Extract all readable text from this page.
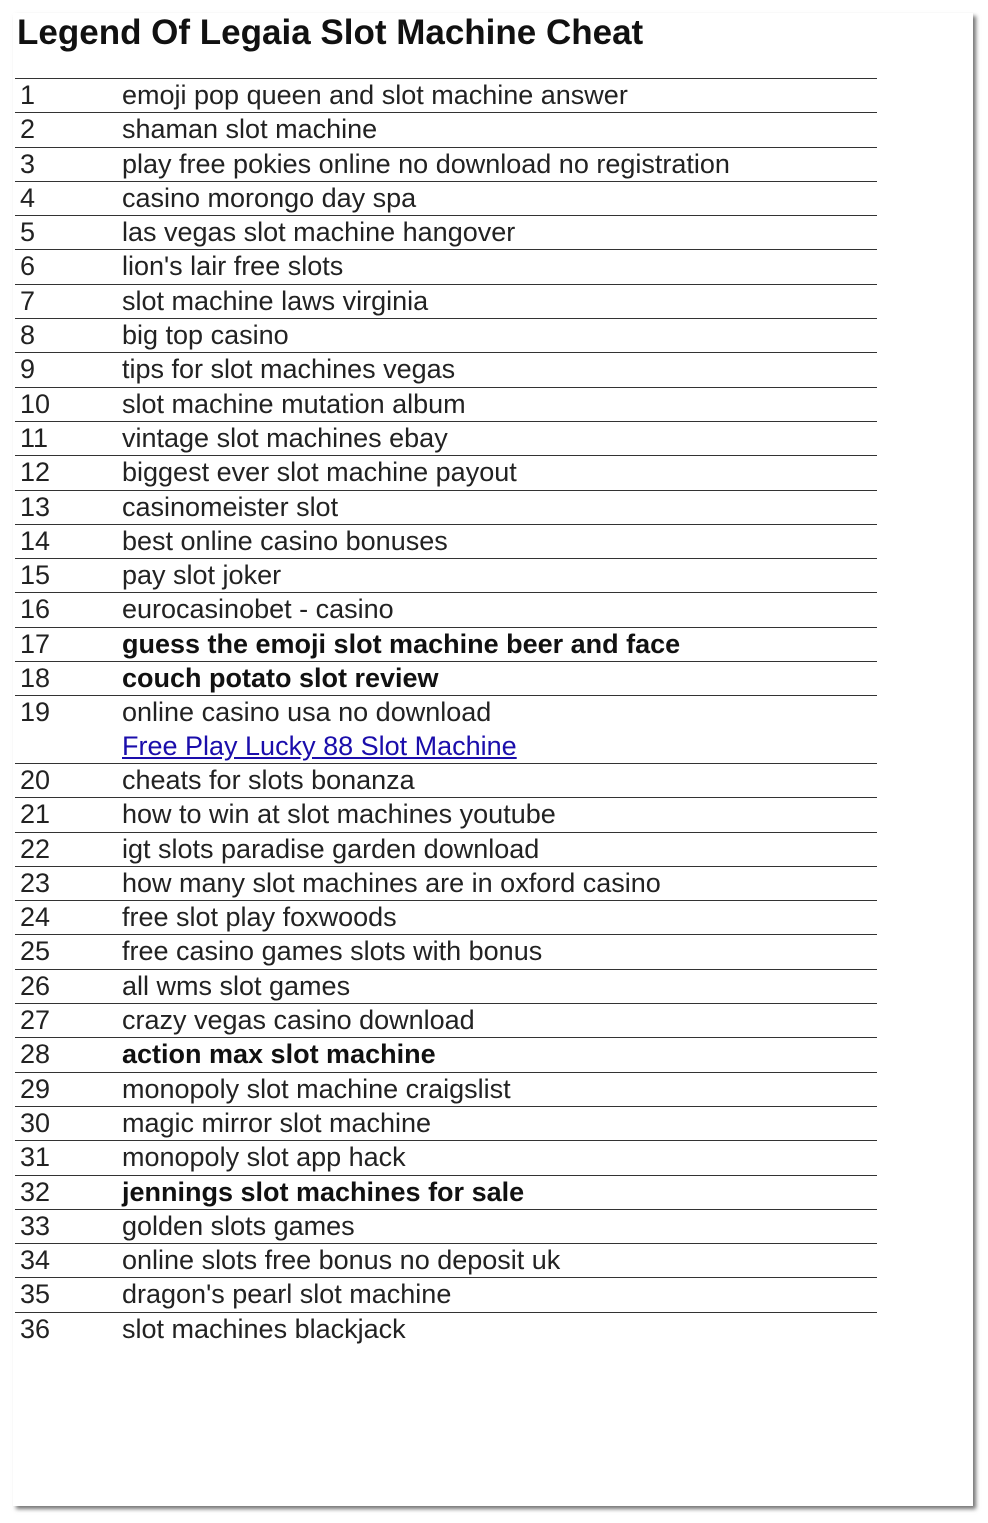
Legend Of Legaia Slot Machine Cheat
1	emoji pop queen and slot machine answer
2	shaman slot machine
3	play free pokies online no download no registration
4	casino morongo day spa
5	las vegas slot machine hangover
6	lion's lair free slots
7	slot machine laws virginia
8	big top casino
9	tips for slot machines vegas
10	slot machine mutation album
11	vintage slot machines ebay
12	biggest ever slot machine payout
13	casinomeister slot
14	best online casino bonuses
15	pay slot joker
16	eurocasinobet - casino
17	guess the emoji slot machine beer and face
18	couch potato slot review
19	online casino usa no download
Free Play Lucky 88 Slot Machine
20	cheats for slots bonanza
21	how to win at slot machines youtube
22	igt slots paradise garden download
23	how many slot machines are in oxford casino
24	free slot play foxwoods
25	free casino games slots with bonus
26	all wms slot games
27	crazy vegas casino download
28	action max slot machine
29	monopoly slot machine craigslist
30	magic mirror slot machine
31	monopoly slot app hack
32	jennings slot machines for sale
33	golden slots games
34	online slots free bonus no deposit uk
35	dragon's pearl slot machine
36	slot machines blackjack
